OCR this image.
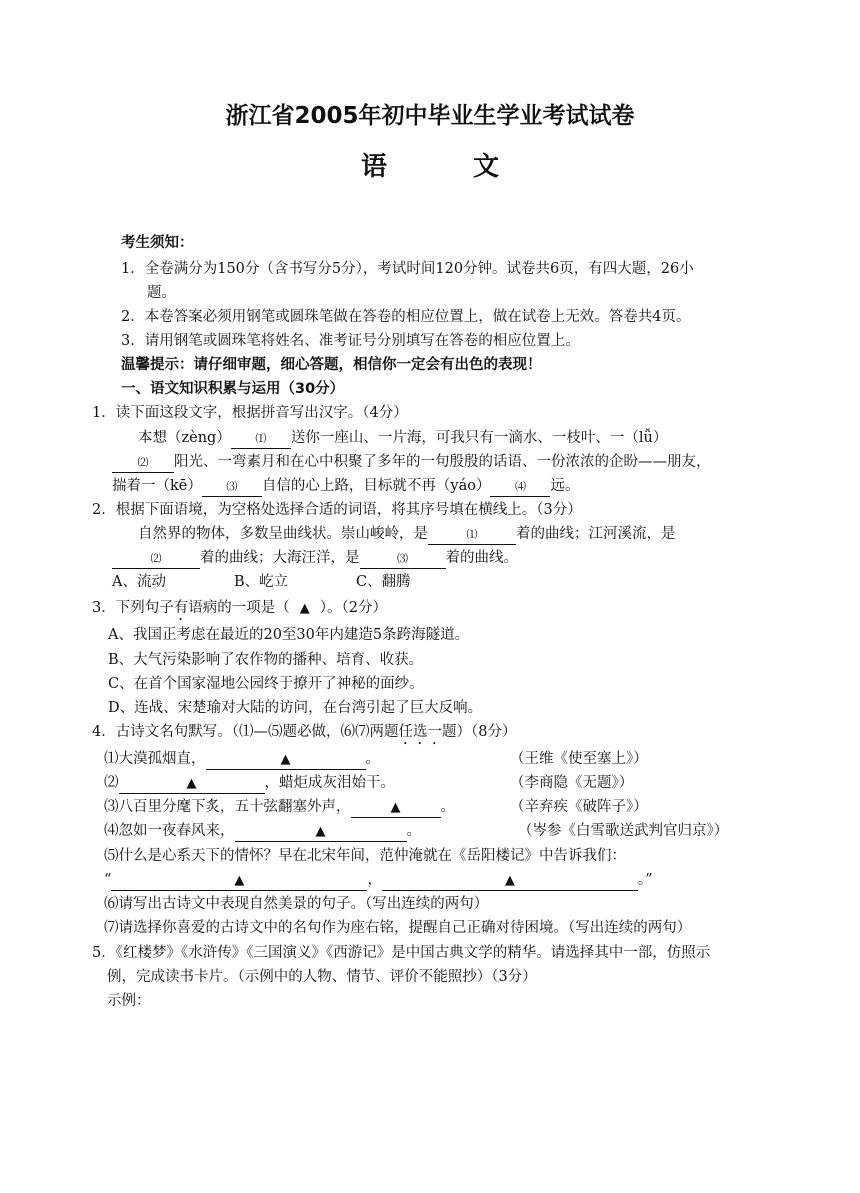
浙江省2005年初中毕业生学业考试试卷
语　文
考生须知：
1．全卷满分为150分（含书写分5分），考试时间120分钟。试卷共6页，有四大题，26小
题。
2．本卷答案必须用钢笔或圆珠笔做在答卷的相应位置上，做在试卷上无效。答卷共4页。
3．请用钢笔或圆珠笔将姓名、准考证号分别填写在答卷的相应位置上。
温馨提示：请仔细审题，细心答题，相信你一定会有出色的表现！
一、语文知识积累与运用（30分）
1．读下面这段文字，根据拼音写出汉字。（4分）
本想（zèng） ⑴ 送你一座山、一片海，可我只有一滴水、一枝叶、一（lǚ）
⑵ 阳光、一弯素月和在心中积聚了多年的一句殷殷的话语、一份浓浓的企盼——朋友，
揣着一（kē） ⑶ 自信的心上路，目标就不再（yáo） ⑷ 远。
2．根据下面语境，为空格处选择合适的词语，将其序号填在横线上。（3分）
自然界的物体，多数呈曲线状。崇山峻岭，是	⑴	着的曲线；江河溪流，是
⑵	着的曲线；大海汪洋，是	⑶	着的曲线。
A、流动	B、屹立	C、翻腾
3．下列句子有语病的一项是（ ▲ ）。（2分）
A、我国正考虑在最近的20至30年内建造5条跨海隧道。
B、大气污染影响了农作物的播种、培育、收获。
C、在首个国家湿地公园终于撩开了神秘的面纱。
D、连战、宋楚瑜对大陆的访问，在台湾引起了巨大反响。
4．古诗文名句默写。（⑴—⑸题必做，⑹⑺两题任选一题）（8分）
⑴大漠孤烟直，	▲	。	（王维《使至塞上》）
⑵	▲	，蜡炬成灰泪始干。	（李商隐《无题》）
⑶八百里分麾下炙，五十弦翻塞外声，	▲	。	（辛弃疾《破阵子》）
⑷忽如一夜春风来，	▲	。	（岑参《白雪歌送武判官归京》）
⑸什么是心系天下的情怀？早在北宋年间，范仲淹就在《岳阳楼记》中告诉我们：
“	▲	，	▲	。”
⑹请写出古诗文中表现自然美景的句子。（写出连续的两句）
⑺请选择你喜爱的古诗文中的名句作为座右铭，提醒自己正确对待困境。（写出连续的两句）
5．《红楼梦》《水浒传》《三国演义》《西游记》是中国古典文学的精华。请选择其中一部，仿照示
例，完成读书卡片。（示例中的人物、情节、评价不能照抄）（3分）
示例：
